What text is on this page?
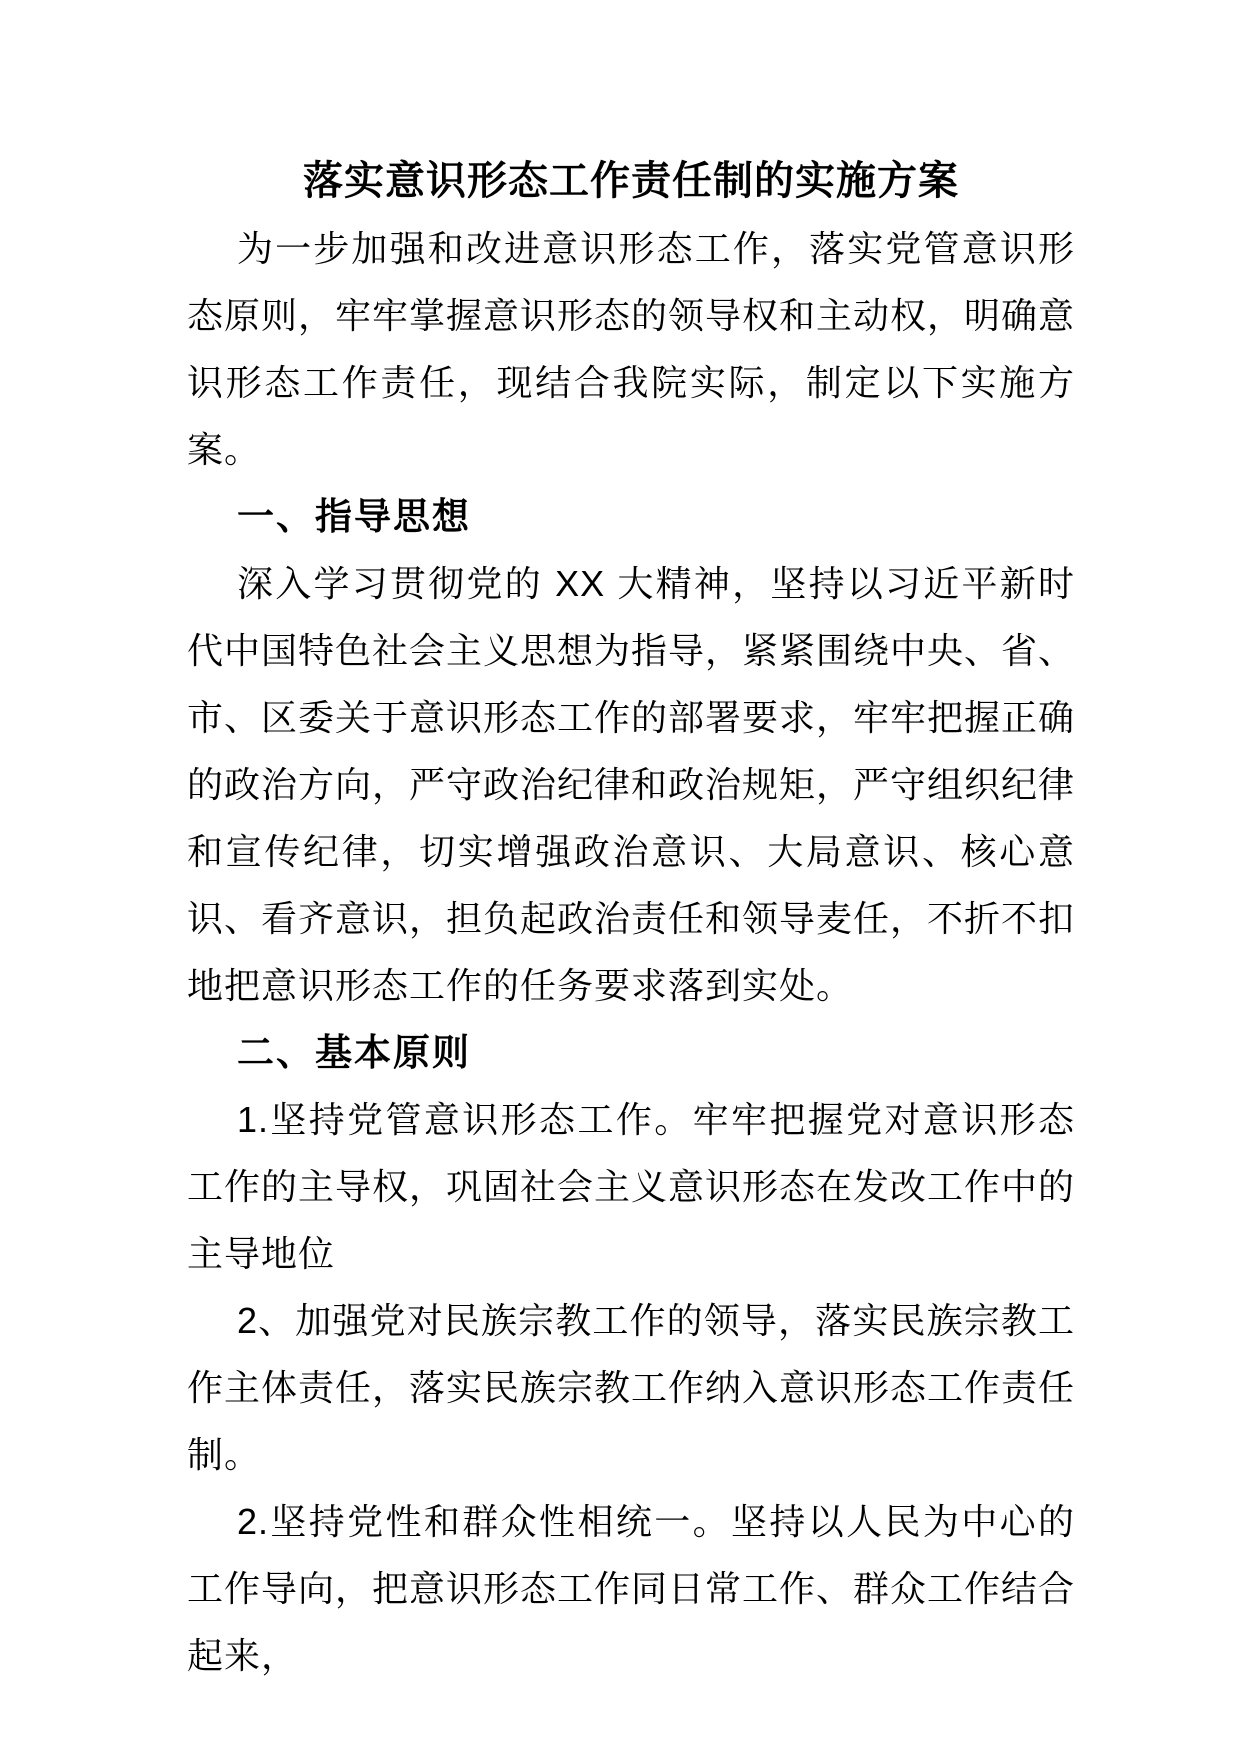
落实意识形态工作责任制的实施方案

为一步加强和改进意识形态工作，落实党管意识形态原则，牢牢掌握意识形态的领导权和主动权，明确意识形态工作责任，现结合我院实际，制定以下实施方案。

一、指导思想

深入学习贯彻党的 XX 大精神，坚持以习近平新时代中国特色社会主义思想为指导，紧紧围绕中央、省、市、区委关于意识形态工作的部署要求，牢牢把握正确的政治方向，严守政治纪律和政治规矩，严守组织纪律和宣传纪律，切实增强政治意识、大局意识、核心意识、看齐意识，担负起政治责任和领导麦任，不折不扣地把意识形态工作的任务要求落到实处。

二、基本原则

1.坚持党管意识形态工作。牢牢把握党对意识形态工作的主导权，巩固社会主义意识形态在发改工作中的主导地位

2、加强党对民族宗教工作的领导，落实民族宗教工作主体责任，落实民族宗教工作纳入意识形态工作责任制。

2.坚持党性和群众性相统一。坚持以人民为中心的工作导向，把意识形态工作同日常工作、群众工作结合起来，
